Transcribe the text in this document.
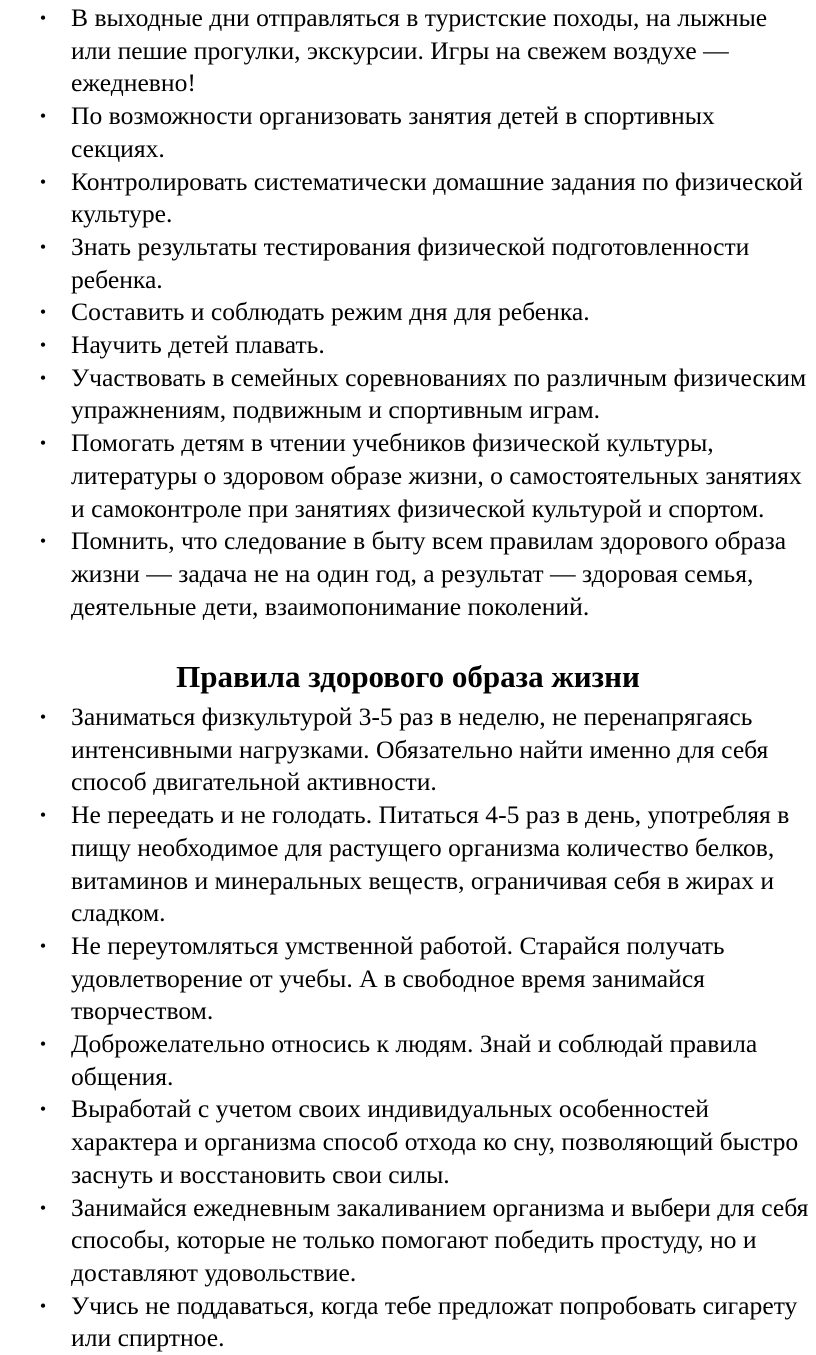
• В выходные дни отправляться в туристские походы, на лыжные или пешие прогулки, экскурсии. Игры на свежем воздухе — ежедневно!
• По возможности организовать занятия детей в спортивных секциях.
• Контролировать систематически домашние задания по физической культуре.
• Знать результаты тестирования физической подготовленности ребенка.
• Составить и соблюдать режим дня для ребенка.
• Научить детей плавать.
• Участвовать в семейных соревнованиях по различным физическим упражнениям, подвижным и спортивным играм.
• Помогать детям в чтении учебников физической культуры, литературы о здоровом образе жизни, о самостоятельных занятиях и самоконтроле при занятиях физической культурой и спортом.
• Помнить, что следование в быту всем правилам здорового образа жизни — задача не на один год, а результат — здоровая семья, деятельные дети, взаимопонимание поколений.
Правила здорового образа жизни
• Заниматься физкультурой 3-5 раз в неделю, не перенапрягаясь интенсивными нагрузками. Обязательно найти именно для себя способ двигательной активности.
• Не переедать и не голодать. Питаться 4-5 раз в день, употребляя в пищу необходимое для растущего организма количество белков, витаминов и минеральных веществ, ограничивая себя в жирах и сладком.
• Не переутомляться умственной работой. Старайся получать удовлетворение от учебы. А в свободное время занимайся творчеством.
• Доброжелательно относись к людям. Знай и соблюдай правила общения.
• Выработай с учетом своих индивидуальных особенностей характера и организма способ отхода ко сну, позволяющий быстро заснуть и восстановить свои силы.
• Занимайся ежедневным закаливанием организма и выбери для себя способы, которые не только помогают победить простуду, но и доставляют удовольствие.
• Учись не поддаваться, когда тебе предложат попробовать сигарету или спиртное.
